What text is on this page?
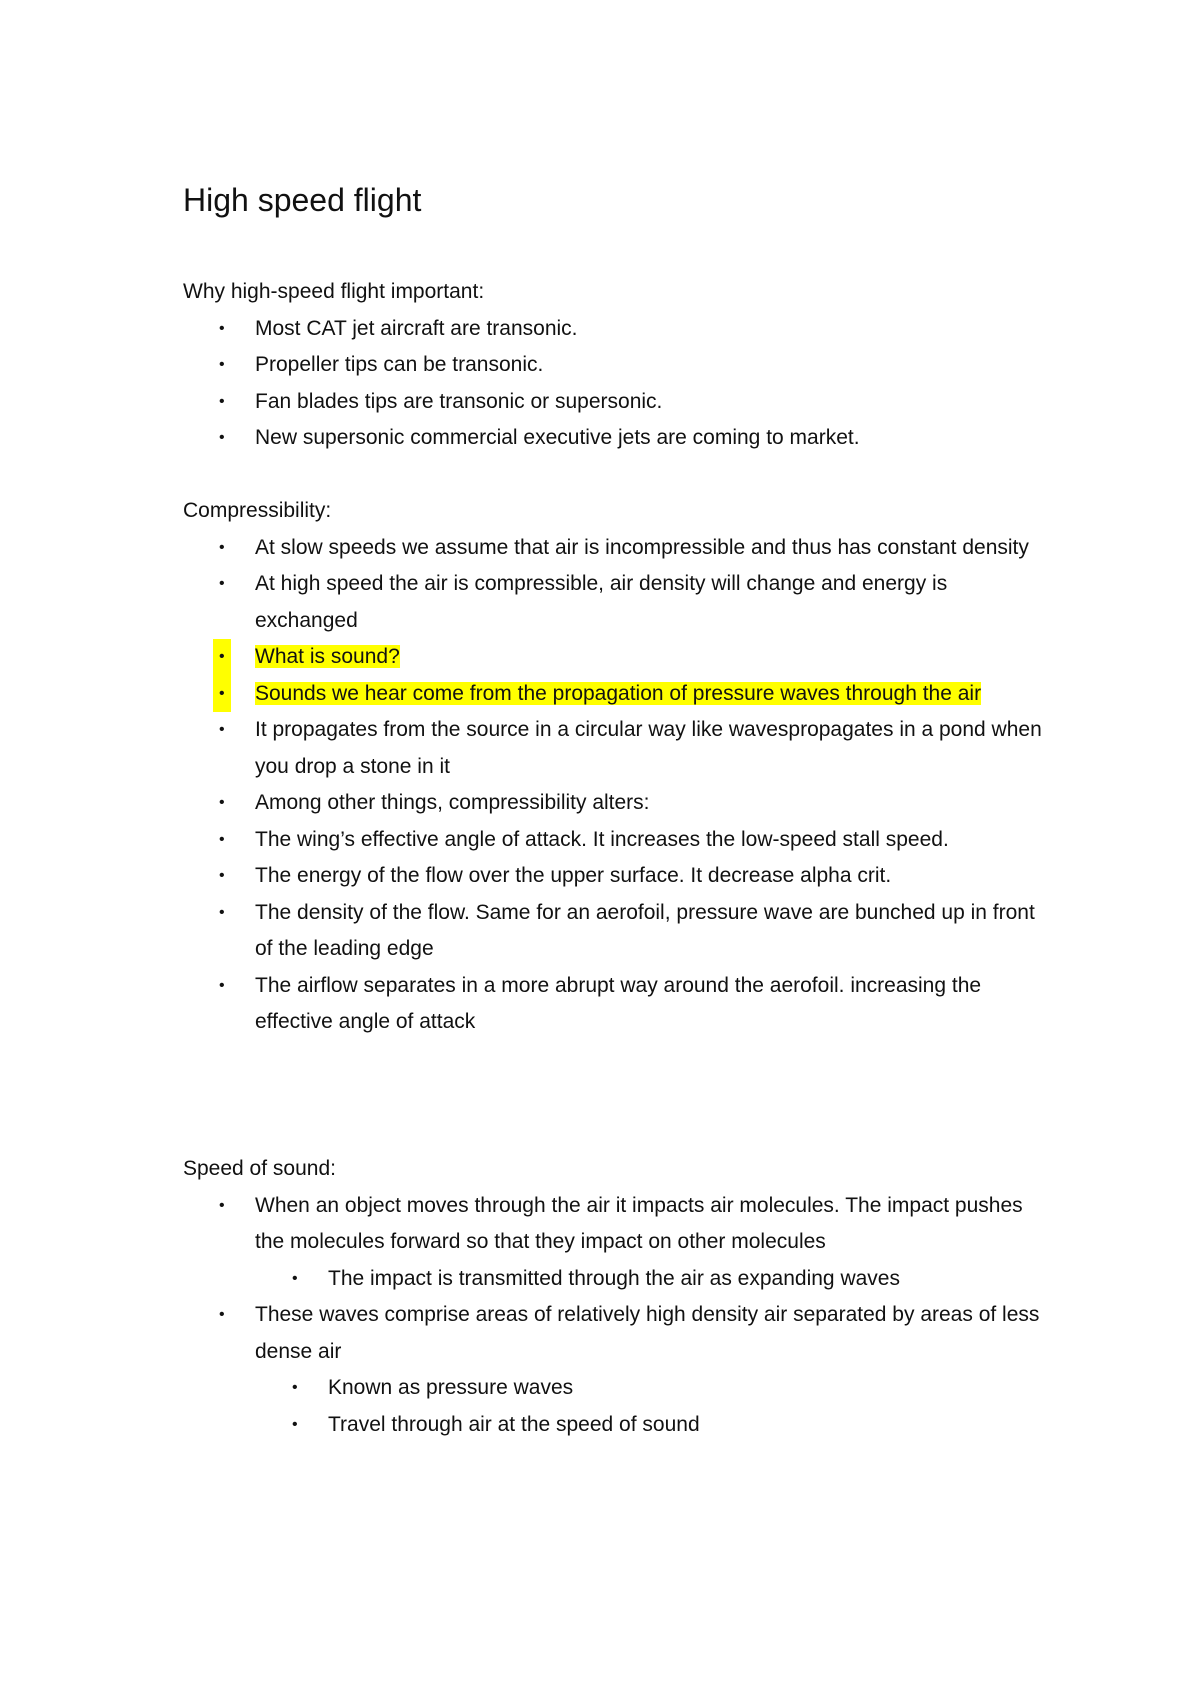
High speed flight

Why high-speed flight important:

• Most CAT jet aircraft are transonic.
• Propeller tips can be transonic.
• Fan blades tips are transonic or supersonic.
• New supersonic commercial executive jets are coming to market.

Compressibility:

• At slow speeds we assume that air is incompressible and thus has constant density
• At high speed the air is compressible, air density will change and energy is exchanged
• What is sound?
• Sounds we hear come from the propagation of pressure waves through the air
• It propagates from the source in a circular way like wavespropagates in a pond when you drop a stone in it
• Among other things, compressibility alters:
• The wing’s effective angle of attack. It increases the low-speed stall speed.
• The energy of the flow over the upper surface. It decrease alpha crit.
• The density of the flow. Same for an aerofoil, pressure wave are bunched up in front of the leading edge
• The airflow separates in a more abrupt way around the aerofoil. increasing the effective angle of attack

Speed of sound:

• When an object moves through the air it impacts air molecules. The impact pushes the molecules forward so that they impact on other molecules
• The impact is transmitted through the air as expanding waves
• These waves comprise areas of relatively high density air separated by areas of less dense air
• Known as pressure waves
• Travel through air at the speed of sound
